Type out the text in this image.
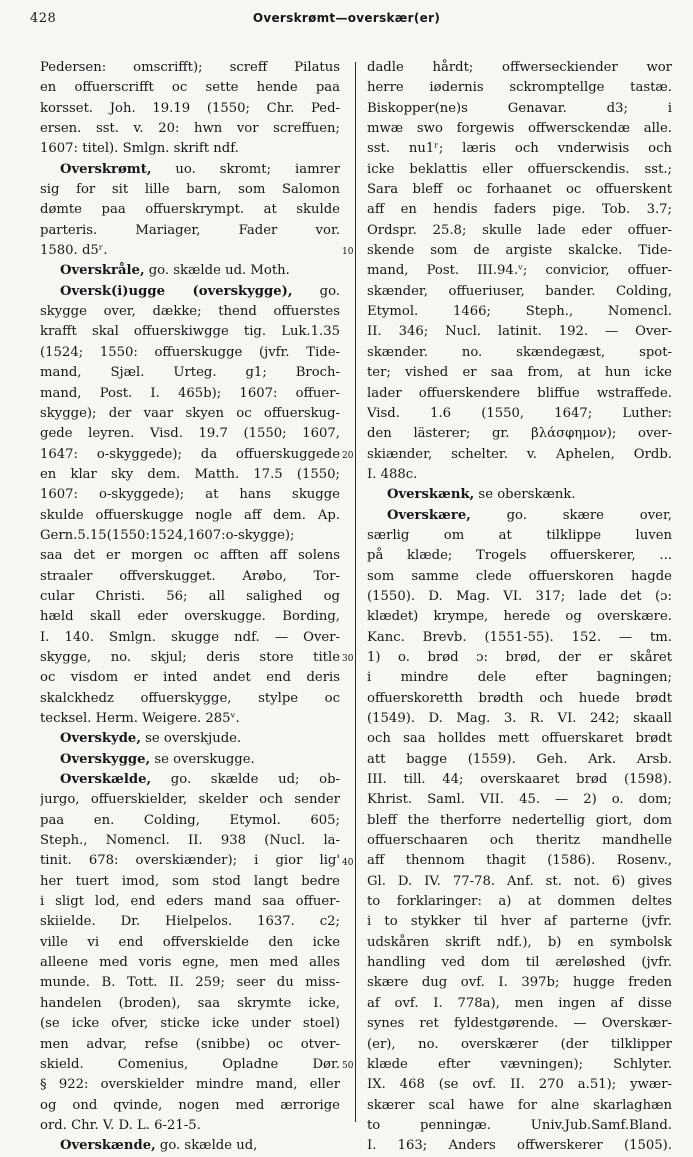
428	Overskrømt—overskær(er)
Pedersen: omscrifft); screff Pilatus
en offuerscrifft oc sette hende paa
korsset. Joh. 19.19 (1550; Chr. Ped-
ersen. sst. v. 20: hwn vor screffuen;
1607: titel). Smlgn. skrift ndf.
Overskrømt, uo. skromt; iamrer
sig for sit lille barn, som Salomon
dømte paa offuerskrympt. at skulde
parteris. Mariager, Fader vor.
1580. d5ʳ.
Overskråle, go. skælde ud. Moth.
Oversk(i)ugge (overskygge), go.
skygge over, dække; thend offuerstes
krafft skal offuerskiwgge tig. Luk.1.35
(1524; 1550: offuerskugge (jvfr. Tide-
mand, Sjæl. Urteg. g1; Broch-
mand, Post. I. 465b); 1607: offuer-
skygge); der vaar skyen oc offuerskug-
gede leyren. Visd. 19.7 (1550; 1607,
1647: o-skyggede); da offuerskuggede
en klar sky dem. Matth. 17.5 (1550;
1607: o-skyggede); at hans skugge
skulde offuerskugge nogle aff dem. Ap.
Gern.5.15(1550:1524,1607:o-skygge);
saa det er morgen oc afften aff solens
straaler offverskugget. Arøbo, Tor-
cular Christi. 56; all salighed og
hæld skall eder overskugge. Bording,
I. 140. Smlgn. skugge ndf. — Over-
skygge, no. skjul; deris store title
oc visdom er inted andet end deris
skalckhedz offuerskygge, stylpe oc
tecksel. Herm. Weigere. 285ᵛ.
Overskyde, se overskjude.
Overskygge, se overskugge.
Overskælde, go. skælde ud; ob-
jurgo, offuerskielder, skelder och sender
paa en. Colding, Etymol. 605;
Steph., Nomencl. II. 938 (Nucl. la-
tinit. 678: overskiænder); i gior lig'
her tuert imod, som stod langt bedre
i sligt lod, end eders mand saa offuer-
skiielde. Dr. Hielpelos. 1637. c2;
ville vi end offverskielde den icke
alleene med voris egne, men med alles
munde. B. Tott. II. 259; seer du miss-
handelen (broden), saa skrymte icke,
(se icke ofver, sticke icke under stoel)
men advar, refse (snibbe) oc otver-
skield. Comenius, Opladne Dør.
§ 922: overskielder mindre mand, eller
og ond qvinde, nogen med ærrorige
ord. Chr. V. D. L. 6-21-5.
Overskænde, go. skælde ud,
dadle hårdt; offwerseckiender wor
herre iødernis sckromptellge tastæ.
Biskopper(ne)s Genavar. d3; i
mwæ swo forgewis offwersckendæ alle.
sst. nu1ʳ; læris och vnderwisis och
icke beklattis eller offuersckendis. sst.;
Sara bleff oc forhaanet oc offuerskent
aff en hendis faders pige. Tob. 3.7;
Ordspr. 25.8; skulle lade eder offuer-
skende som de argiste skalcke. Tide-
mand, Post. III.94.ᵛ; convicior, offuer-
skænder, offueriuser, bander. Colding,
Etymol. 1466; Steph., Nomencl.
II. 346; Nucl. latinit. 192. — Over-
skænder. no. skændegæst, spot-
ter; vished er saa from, at hun icke
lader offuerskendere bliffue wstraffede.
Visd. 1.6 (1550, 1647; Luther:
den lästerer; gr. βλάσφημον); over-
skiænder, schelter. v. Aphelen, Ordb.
I. 488c.
Overskænk, se oberskænk.
Overskære, go. skære over,
særlig om at tilklippe luven
på klæde; Trogels offuerskerer, ...
som samme clede offuerskoren hagde
(1550). D. Mag. VI. 317; lade det (ɔ:
klædet) krympe, herede og overskære.
Kanc. Brevb. (1551-55). 152. — tm.
1) o. brød ɔ: brød, der er skåret
i mindre dele efter bagningen;
offuerskoretth brødth och huede brødt
(1549). D. Mag. 3. R. VI. 242; skaall
och saa holldes mett offuerskaret brødt
att bagge (1559). Geh. Ark. Arsb.
III. till. 44; overskaaret brød (1598).
Khrist. Saml. VII. 45. — 2) o. dom;
bleff the therforre nedertellig giort, dom
offuerschaaren och theritz mandhelle
aff thennom thagit (1586). Rosenv.,
Gl. D. IV. 77-78. Anf. st. not. 6) gives
to forklaringer: a) at dommen deltes
i to stykker til hver af parterne (jvfr.
udskåren skrift ndf.), b) en symbolsk
handling ved dom til æreløshed (jvfr.
skære dug ovf. I. 397b; hugge freden
af ovf. I. 778a), men ingen af disse
synes ret fyldestgørende. — Overskær-
(er), no. overskærer (der tilklipper
klæde efter vævningen); Schlyter.
IX. 468 (se ovf. II. 270 a.51); ywær-
skærer scal hawe for alne skarlaghæn
to penningæ. Univ.Jub.Samf.Bland.
I. 163; Anders offwerskerer (1505).
10
20
30
40
50
